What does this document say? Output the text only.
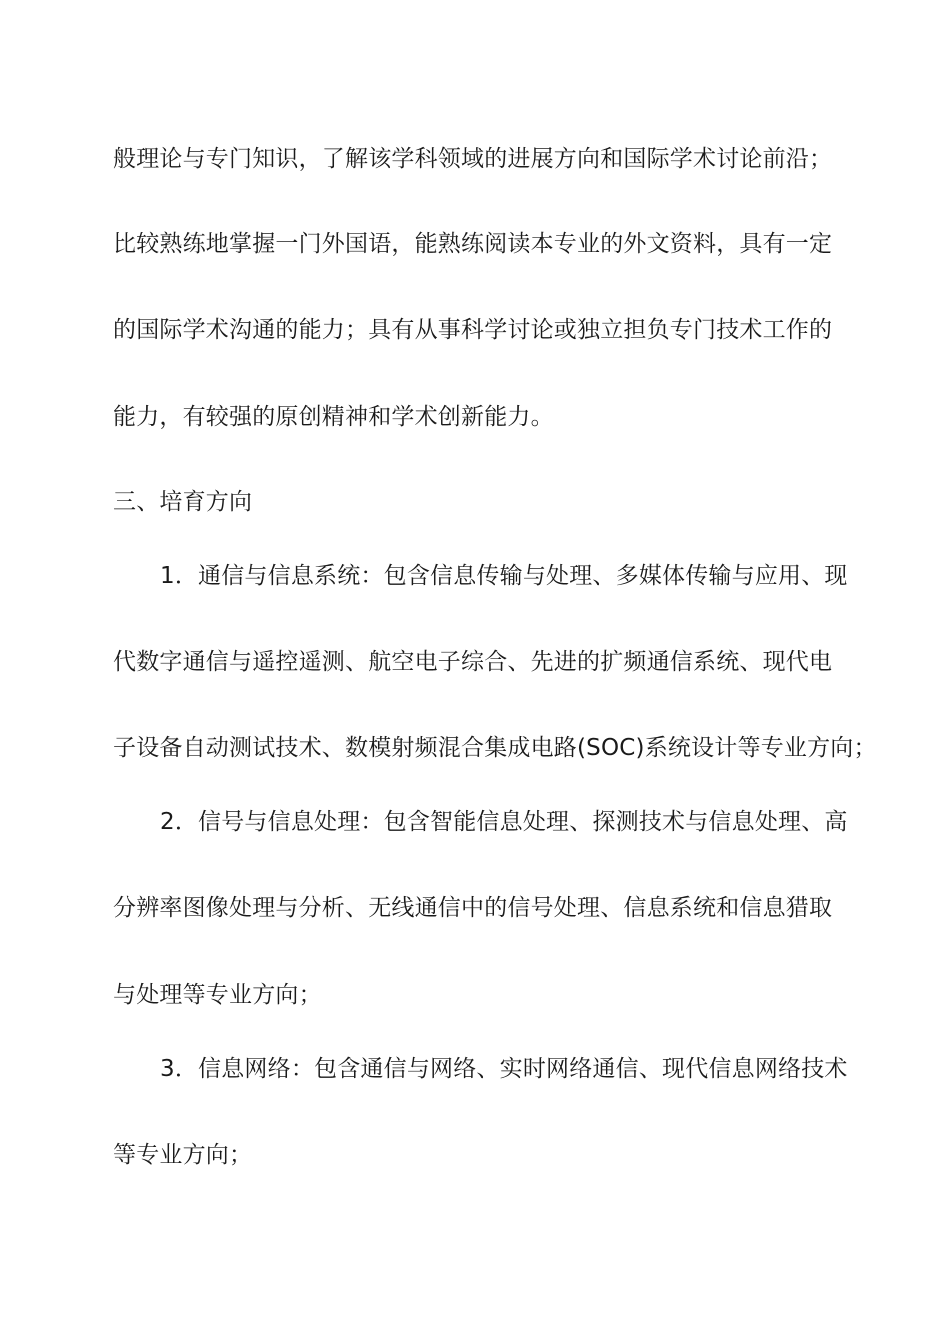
般理论与专门知识，了解该学科领域的进展方向和国际学术讨论前沿；
比较熟练地掌握一门外国语，能熟练阅读本专业的外文资料，具有一定
的国际学术沟通的能力；具有从事科学讨论或独立担负专门技术工作的
能力，有较强的原创精神和学术创新能力。
三、培育方向
1．通信与信息系统：包含信息传输与处理、多媒体传输与应用、现
代数字通信与遥控遥测、航空电子综合、先进的扩频通信系统、现代电
子设备自动测试技术、数模射频混合集成电路(SOC)系统设计等专业方向；
2．信号与信息处理：包含智能信息处理、探测技术与信息处理、高
分辨率图像处理与分析、无线通信中的信号处理、信息系统和信息猎取
与处理等专业方向；
3．信息网络：包含通信与网络、实时网络通信、现代信息网络技术
等专业方向；
